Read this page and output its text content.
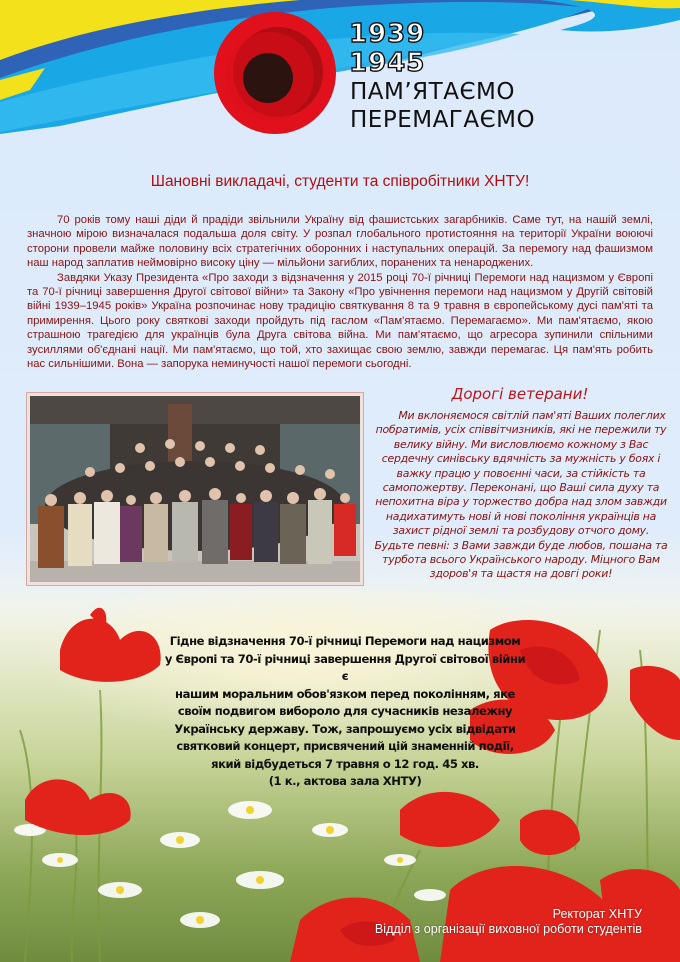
1939
1945
ПАМ’ЯТАЄМО
ПЕРЕМАГАЄМО
Шановні викладачі, студенти та співробітники ХНТУ!

70 років тому наші діди й прадіди звільнили Україну від фашистських загарбників. Саме тут, на нашій землі, значною мірою визначалася подальша доля світу. У розпал глобального протистояння на території України воюючі сторони провели майже половину всіх стратегічних оборонних і наступальних операцій. За перемогу над фашизмом наш народ заплатив неймовірно високу ціну — мільйони загиблих, поранених та ненароджених.

Завдяки Указу Президента «Про заходи з відзначення у 2015 році 70-ї річниці Перемоги над нацизмом у Європі та 70-ї річниці завершення Другої світової війни» та Закону «Про увічнення перемоги над нацизмом у Другій світовій війні 1939–1945 років» Україна розпочинає нову традицію святкування 8 та 9 травня в європейському дусі пам'яті та примирення. Цього року святкові заходи пройдуть під гаслом «Пам'ятаємо. Перемагаємо». Ми пам'ятаємо, якою страшною трагедією для українців була Друга світова війна. Ми пам'ятаємо, що агресора зупинили спільними зусиллями об'єднані нації. Ми пам'ятаємо, що той, хто захищає свою землю, завжди перемагає. Ця пам'ять робить нас сильнішими. Вона — запорука неминучості нашої перемоги сьогодні.

Дорогі ветерани!
Ми вклоняємося світлій пам'яті Ваших полеглих побратимів, усіх співвітчизників, які не пережили ту велику війну. Ми висловлюємо кожному з Вас сердечну синівську вдячність за мужність у боях і важку працю у повоєнні часи, за стійкість та самопожертву. Переконані, що Ваші сила духу та непохитна віра у торжество добра над злом завжди надихатимуть нові й нові покоління українців на захист рідної землі та розбудову отчого дому. Будьте певні: з Вами завжди буде любов, пошана та турбота всього Українського народу. Міцного Вам здоров'я та щастя на довгі роки!
Гідне відзначення 70-ї річниці Перемоги над нацизмом
у Європі та 70-ї річниці завершення Другої світової війни є
нашим моральним обов'язком перед поколінням, яке
своїм подвигом виборолo для сучасників незалежну
Українську державу. Тож, запрошуємо усіх відвідати
святковий концерт, присвячений цій знаменній події,
який відбудеться 7 травня о 12 год. 45 хв.
(1 к., актова зала ХНТУ)
Ректорат ХНТУ
Відділ з організації виховної роботи студентів
